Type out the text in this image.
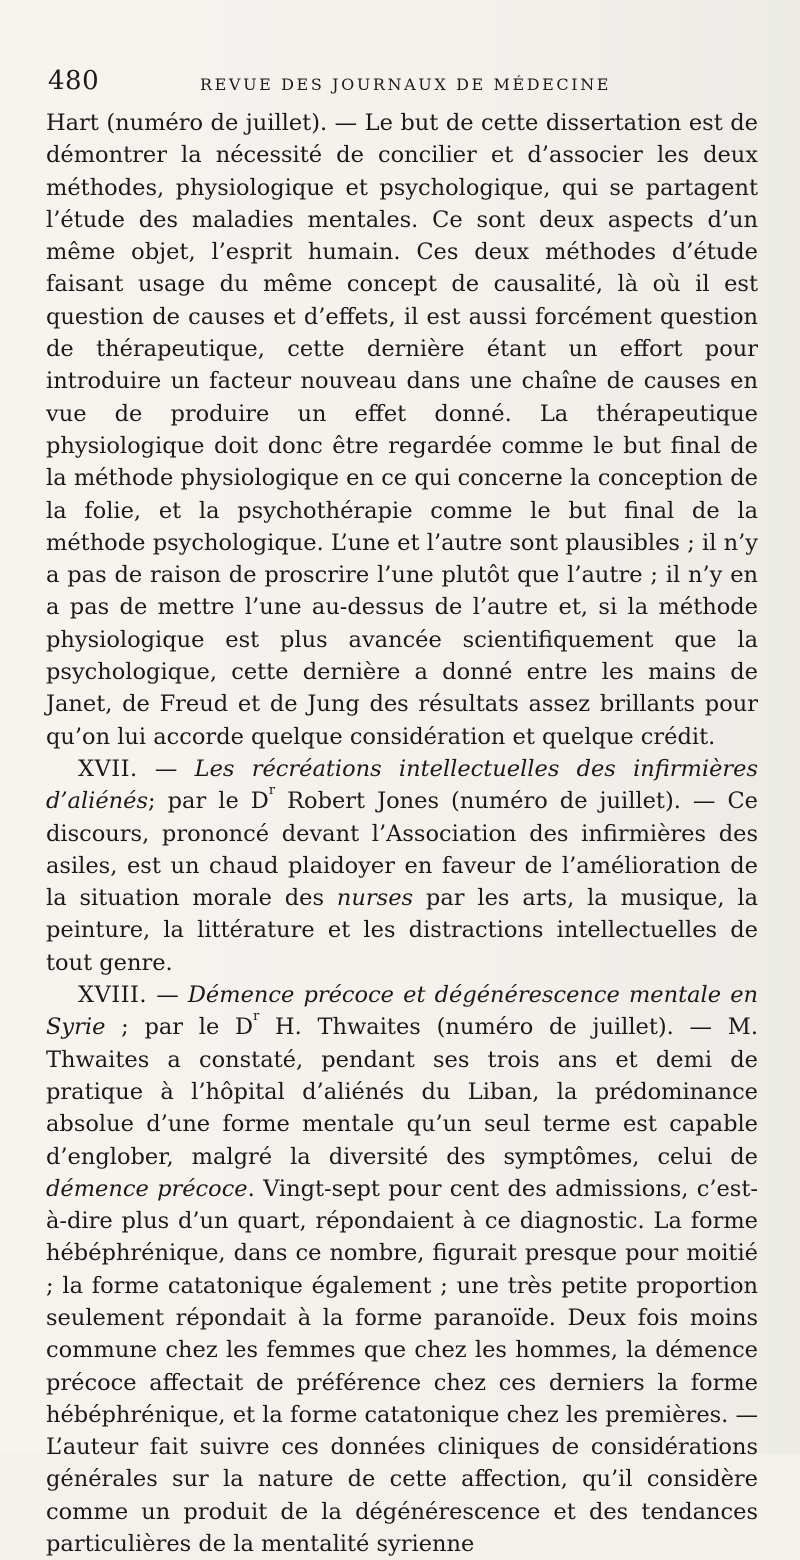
480	REVUE DES JOURNAUX DE MÉDECINE

Hart (numéro de juillet). — Le but de cette dissertation est de démontrer la nécessité de concilier et d’associer les deux méthodes, physiologique et psychologique, qui se partagent l’étude des maladies mentales. Ce sont deux aspects d’un même objet, l’esprit humain. Ces deux méthodes d’étude faisant usage du même concept de causalité, là où il est question de causes et d’effets, il est aussi forcément question de thérapeutique, cette dernière étant un effort pour introduire un facteur nouveau dans une chaîne de causes en vue de produire un effet donné. La thérapeutique physiologique doit donc être regardée comme le but final de la méthode physiologique en ce qui concerne la conception de la folie, et la psychothérapie comme le but final de la méthode psychologique. L’une et l’autre sont plausibles ; il n’y a pas de raison de proscrire l’une plutôt que l’autre ; il n’y en a pas de mettre l’une au-dessus de l’autre et, si la méthode physiologique est plus avancée scientifiquement que la psychologique, cette dernière a donné entre les mains de Janet, de Freud et de Jung des résultats assez brillants pour qu’on lui accorde quelque considération et quelque crédit.

XVII. — Les récréations intellectuelles des infirmières d’aliénés; par le $D^r$ Robert Jones (numéro de juillet). — Ce discours, prononcé devant l’Association des infirmières des asiles, est un chaud plaidoyer en faveur de l’amélioration de la situation morale des nurses par les arts, la musique, la peinture, la littérature et les distractions intellectuelles de tout genre.

XVIII. — Démence précoce et dégénérescence mentale en Syrie ; par le $D^r$ H. Thwaites (numéro de juillet). — M. Thwaites a constaté, pendant ses trois ans et demi de pratique à l’hôpital d’aliénés du Liban, la prédominance absolue d’une forme mentale qu’un seul terme est capable d’englober, malgré la diversité des symptômes, celui de démence précoce. Vingt-sept pour cent des admissions, c’est-à-dire plus d’un quart, répondaient à ce diagnostic. La forme hébéphrénique, dans ce nombre, figurait presque pour moitié ; la forme catatonique également ; une très petite proportion seulement répondait à la forme paranoïde. Deux fois moins commune chez les femmes que chez les hommes, la démence précoce affectait de préférence chez ces derniers la forme hébéphrénique, et la forme catatonique chez les premières. — L’auteur fait suivre ces données cliniques de considérations générales sur la nature de cette affection, qu’il considère comme un produit de la dégénérescence et des tendances particulières de la mentalité syrienne
